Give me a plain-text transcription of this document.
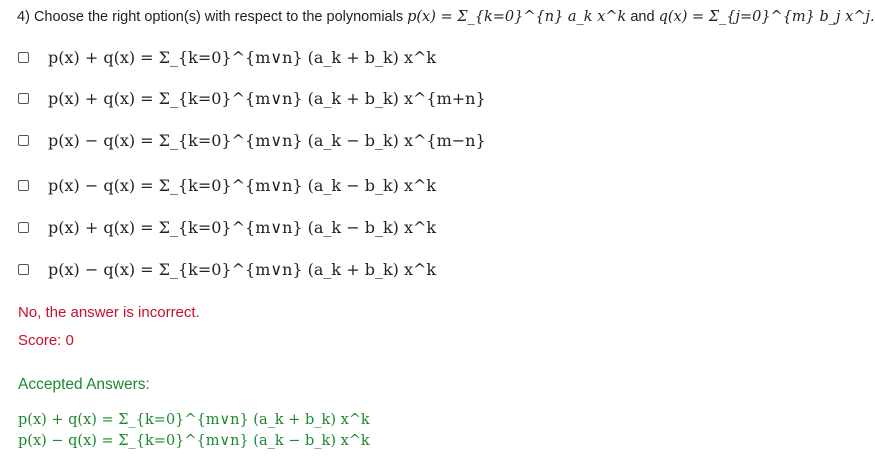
4) Choose the right option(s) with respect to the polynomials p(x) = Σ_{k=0}^{n} a_k x^k and q(x) = Σ_{j=0}^{m} b_j x^j.
p(x) + q(x) = Σ_{k=0}^{m∨n} (a_k + b_k) x^k
p(x) + q(x) = Σ_{k=0}^{m∨n} (a_k + b_k) x^{m+n}
p(x) − q(x) = Σ_{k=0}^{m∨n} (a_k − b_k) x^{m−n}
p(x) − q(x) = Σ_{k=0}^{m∨n} (a_k − b_k) x^k
p(x) + q(x) = Σ_{k=0}^{m∨n} (a_k − b_k) x^k
p(x) − q(x) = Σ_{k=0}^{m∨n} (a_k + b_k) x^k
No, the answer is incorrect.
Score: 0
Accepted Answers:
p(x) + q(x) = Σ_{k=0}^{m∨n} (a_k + b_k) x^k
p(x) − q(x) = Σ_{k=0}^{m∨n} (a_k − b_k) x^k
